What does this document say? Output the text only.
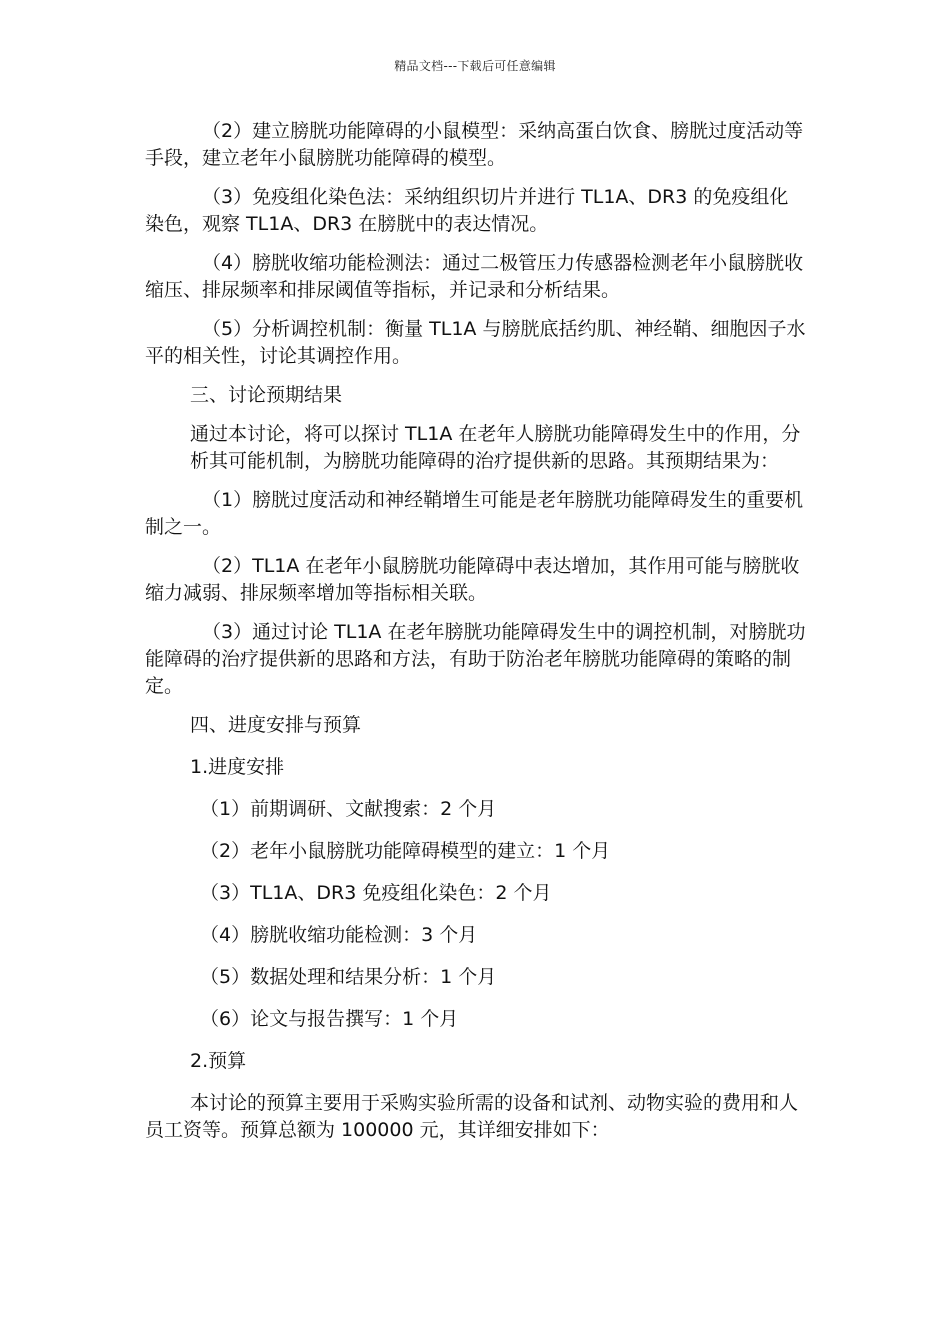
精品文档---下载后可任意编辑

（2）建立膀胱功能障碍的小鼠模型：采纳高蛋白饮食、膀胱过度活动等手段，建立老年小鼠膀胱功能障碍的模型。

（3）免疫组化染色法：采纳组织切片并进行 TL1A、DR3 的免疫组化染色，观察 TL1A、DR3 在膀胱中的表达情况。

（4）膀胱收缩功能检测法：通过二极管压力传感器检测老年小鼠膀胱收缩压、排尿频率和排尿阈值等指标，并记录和分析结果。

（5）分析调控机制：衡量 TL1A 与膀胱底括约肌、神经鞘、细胞因子水平的相关性，讨论其调控作用。

三、讨论预期结果

通过本讨论，将可以探讨 TL1A 在老年人膀胱功能障碍发生中的作用，分析其可能机制，为膀胱功能障碍的治疗提供新的思路。其预期结果为：

（1）膀胱过度活动和神经鞘增生可能是老年膀胱功能障碍发生的重要机制之一。

（2）TL1A 在老年小鼠膀胱功能障碍中表达增加，其作用可能与膀胱收缩力减弱、排尿频率增加等指标相关联。

（3）通过讨论 TL1A 在老年膀胱功能障碍发生中的调控机制，对膀胱功能障碍的治疗提供新的思路和方法，有助于防治老年膀胱功能障碍的策略的制定。

四、进度安排与预算

1.进度安排

（1）前期调研、文献搜索：2 个月

（2）老年小鼠膀胱功能障碍模型的建立：1 个月

（3）TL1A、DR3 免疫组化染色：2 个月

（4）膀胱收缩功能检测：3 个月

（5）数据处理和结果分析：1 个月

（6）论文与报告撰写：1 个月

2.预算

本讨论的预算主要用于采购实验所需的设备和试剂、动物实验的费用和人员工资等。预算总额为 100000 元，其详细安排如下：
